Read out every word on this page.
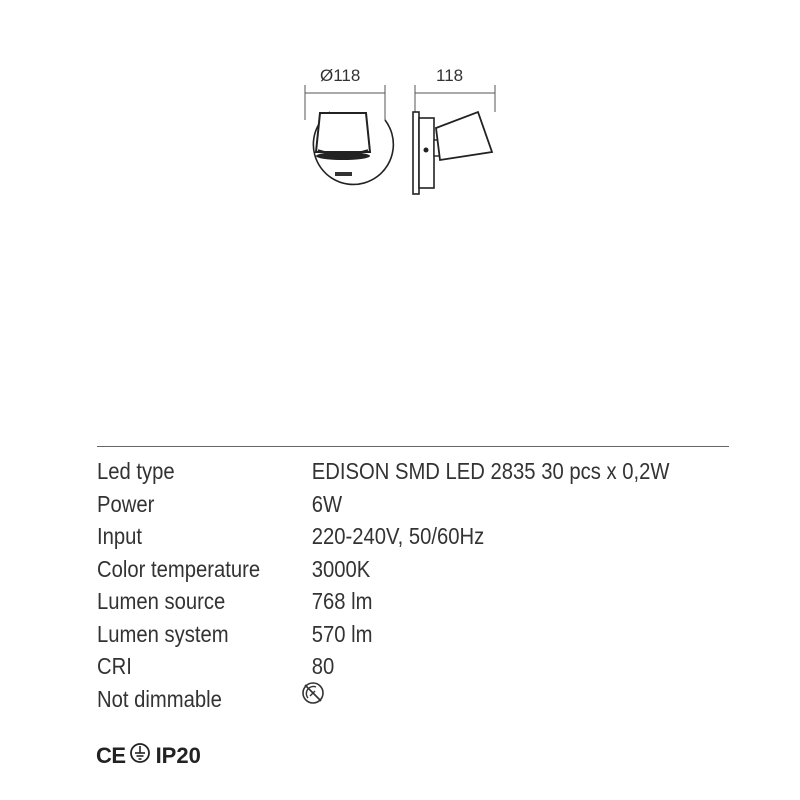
Ø118	118
Led type	EDISON SMD LED 2835 30 pcs x 0,2W
Power	6W
Input	220-240V, 50/60Hz
Color temperature 3000K
Lumen source	768 lm
Lumen system	570 lm
CRI	80
Not dimmable
CE IP20
